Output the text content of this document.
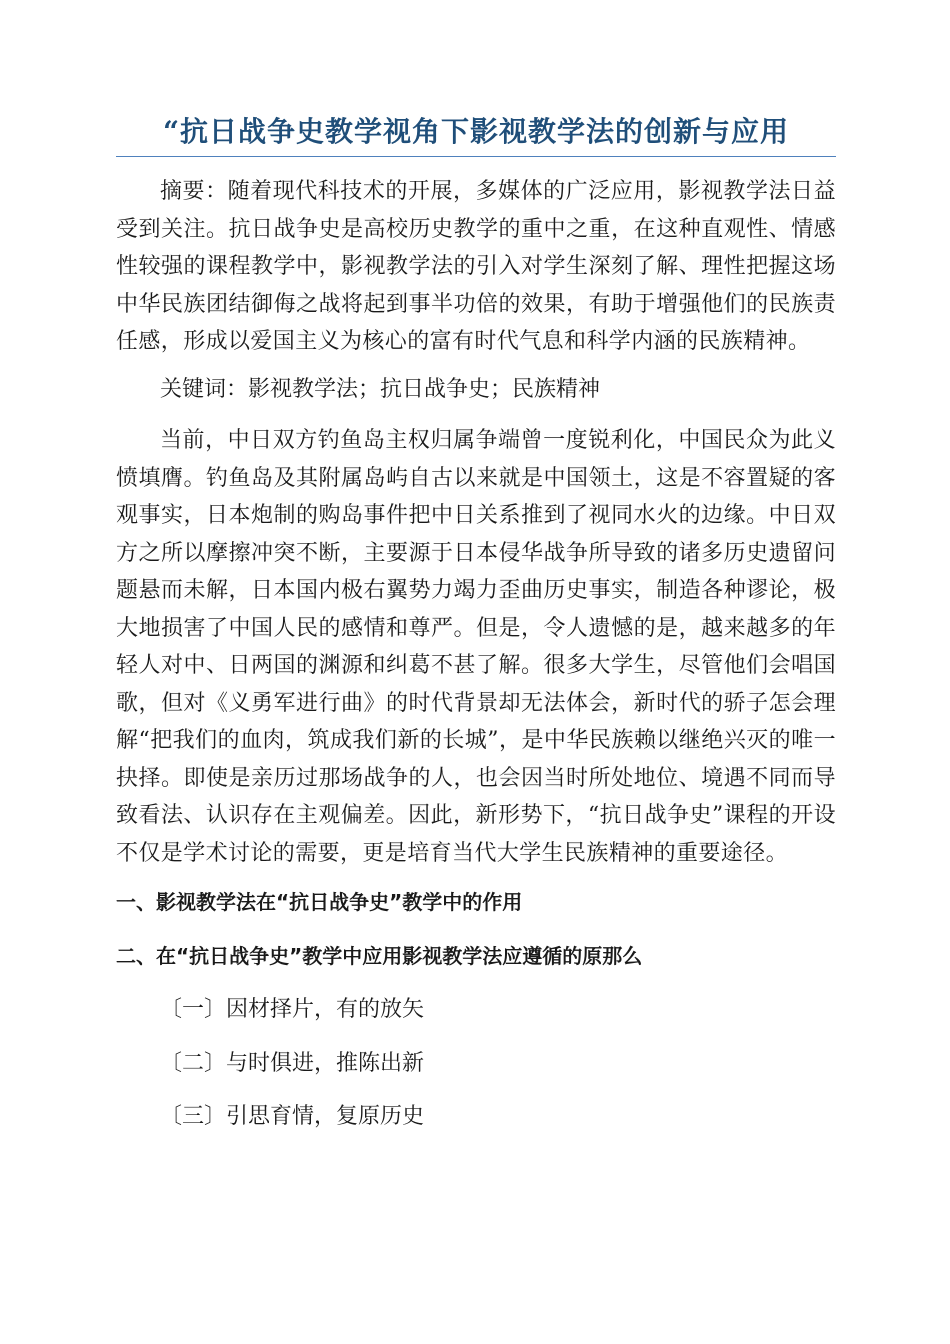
“抗日战争史教学视角下影视教学法的创新与应用

摘要：随着现代科技术的开展，多媒体的广泛应用，影视教学法日益受到关注。抗日战争史是高校历史教学的重中之重，在这种直观性、情感性较强的课程教学中，影视教学法的引入对学生深刻了解、理性把握这场中华民族团结御侮之战将起到事半功倍的效果，有助于增强他们的民族责任感，形成以爱国主义为核心的富有时代气息和科学内涵的民族精神。

关键词：影视教学法；抗日战争史；民族精神

当前，中日双方钓鱼岛主权归属争端曾一度锐利化，中国民众为此义愤填膺。钓鱼岛及其附属岛屿自古以来就是中国领土，这是不容置疑的客观事实，日本炮制的购岛事件把中日关系推到了视同水火的边缘。中日双方之所以摩擦冲突不断，主要源于日本侵华战争所导致的诸多历史遗留问题悬而未解，日本国内极右翼势力竭力歪曲历史事实，制造各种谬论，极大地损害了中国人民的感情和尊严。但是，令人遗憾的是，越来越多的年轻人对中、日两国的渊源和纠葛不甚了解。很多大学生，尽管他们会唱国歌，但对《义勇军进行曲》的时代背景却无法体会，新时代的骄子怎会理解“把我们的血肉，筑成我们新的长城”，是中华民族赖以继绝兴灭的唯一抉择。即使是亲历过那场战争的人，也会因当时所处地位、境遇不同而导致看法、认识存在主观偏差。因此，新形势下，“抗日战争史”课程的开设不仅是学术讨论的需要，更是培育当代大学生民族精神的重要途径。

一、影视教学法在“抗日战争史”教学中的作用
二、在“抗日战争史”教学中应用影视教学法应遵循的原那么
〔一〕因材择片，有的放矢
〔二〕与时俱进，推陈出新
〔三〕引思育情，复原历史
